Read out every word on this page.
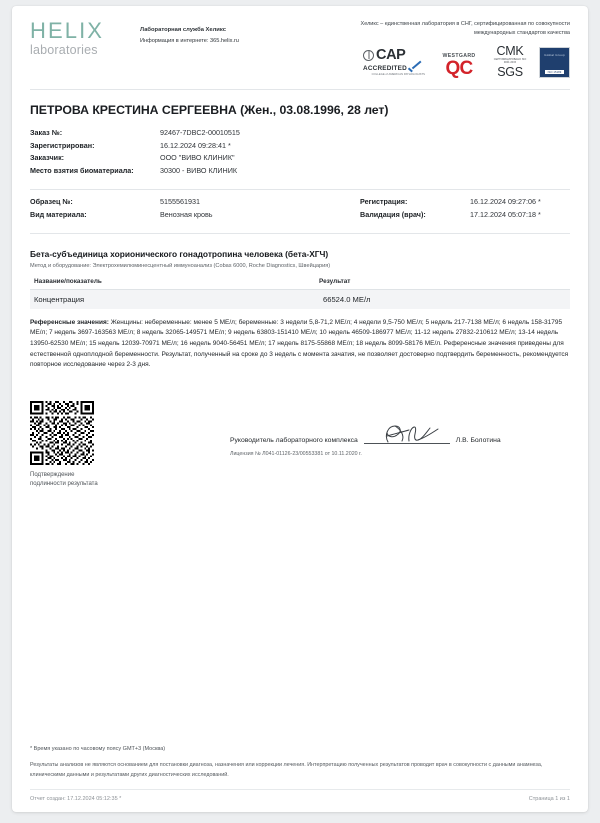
HELIX
laboratories
Лабораторная служба Хеликс
Информация в интернете: 365.helix.ru
Хеликс – единственная лаборатория в СНГ, сертифицированная по совокупности международных стандартов качества
CAP
ACCREDITED
COLLEGE of AMERICAN PATHOLOGISTS
WESTGARD
QC
CMK
СЕРТИФИЦИРОВАНО ISO 9001:2015
SGS
Global Group
ISO 15189
ПЕТРОВА КРЕСТИНА СЕРГЕЕВНА (Жен., 03.08.1996, 28 лет)
Заказ №:	92467-7DBC2-00010515
Зарегистрирован:	16.12.2024 09:28:41 *
Заказчик:	ООО "ВИВО КЛИНИК"
Место взятия биоматериала:	30300 - ВИВО КЛИНИК
Образец №:	5155561931
Вид материала:	Венозная кровь
Регистрация:	16.12.2024 09:27:06 *
Валидация (врач):	17.12.2024 05:07:18 *
Бета-субъединица хорионического гонадотропина человека (бета-ХГЧ)
Метод и оборудование: Электрохемилюминесцентный иммуноанализ (Cobas 6000, Roche Diagnostics, Швейцария)
Название/показатель	Результат
Концентрация	66524.0 МЕ/л
Референсные значения: Женщины: небеременные: менее 5 МЕ/л; беременные: 3 недели 5,8-71,2 МЕ/л; 4 недели 9,5-750 МЕ/л; 5 недель 217-7138 МЕ/л; 6 недель 158-31795 МЕ/л; 7 недель 3697-163563 МЕ/л; 8 недель 32065-149571 МЕ/л; 9 недель 63803-151410 МЕ/л; 10 недель 46509-186977 МЕ/л; 11-12 недель 27832-210612 МЕ/л; 13-14 недель 13950-62530 МЕ/л; 15 недель 12039-70971 МЕ/л; 16 недель 9040-56451 МЕ/л; 17 недель 8175-55868 МЕ/л; 18 недель 8099-58176 МЕ/л. Референсные значения приведены для естественной одноплодной беременности. Результат, полученный на сроке до 3 недель с момента зачатия, не позволяет достоверно подтвердить беременность, рекомендуется повторное исследование через 2-3 дня.
Подтверждение
подлинности результата
Руководитель лабораторного комплекса	Л.В. Болотина
Лицензия № Л041-01126-23/00553381 от 10.11.2020 г.
* Время указано по часовому поясу GMT+3 (Москва)
Результаты анализов не являются основанием для постановки диагноза, назначения или коррекции лечения. Интерпретацию полученных результатов проводит врач в совокупности с данными анамнеза, клиническими данными и результатами других диагностических исследований.
Отчет создан: 17.12.2024 05:12:35 *	Страница 1 из 1
